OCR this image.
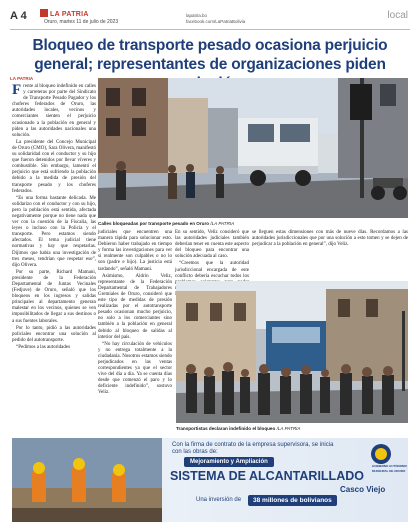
A 4	LA PATRIA
Oruro, martes 11 de julio de 2023
lapatria.bo
facebook.com/LaPatriaBolivia
local
Bloqueo de transporte pesado ocasiona perjuicio general; representantes de organizaciones piden
LA PATRIA

Frente al bloqueo indefinido en calles y carreteras por parte del Sindicato de Transporte Pesado Pagador y los choferes federados de Oruro, las autoridades locales, vecinos y comerciantes sienten el perjuicio ocasionado a la población en general y piden a las autoridades nacionales una solución.

La presidente del Concejo Municipal de Oruro (CMO), Sara Olivera, manifestó su solidaridad con el conductor y su hijo que fueron detenidos por llevar víveres y combustible. Sin embargo, lamentó el perjuicio que está sufriendo la población debido a la medida de presión del transporte pesado y los choferes federados.

“Es una forma bastante delicada. Me solidarizo con el conductor y con su hijo, pero la población está sentida, afectada negativamente porque no tiene nada que ver con la cuestión de la Fiscalía, las leyes o incluso con la Policía y el transporte. Pero estamos siendo afectados. El tema judicial tiene normativas y hay que respetarlas. Dijimos que había una investigación de tres meses, tendrían que respetar eso”, dijo Olivera.

Por su parte, Richard Mamani, presidente de la Federación Departamental de Juntas Vecinales (Fedjuve) de Oruro, señaló que los bloqueos en los ingresos y salidas principales al departamento generan malestar en los vecinos, quienes se ven imposibilitados de llegar a sus destinos o a sus fuentes laborales.

Por lo tanto, pidió a las autoridades policiales encontrar una solución al pedido del autotransporte.

“Pedimos a las autoridades

Calles bloqueadas por transporte pesado en Oruro /LA PATRIA

judiciales que encuentren una manera rápida para solucionar esto. Debieron haber trabajado en tiempo y forma las investigaciones para ver si realmente son culpables o no lo son (padre e hijo). La justicia está tardando”, señaló Mamani.

Asimismo, Aldrin Veliz, representante de la Federación Departamental de Trabajadores Gremiales de Oruro, consideró que este tipo de medidas de presión realizadas por el autotransporte pesado ocasionan mucho perjuicio, no solo a los comerciantes sino también a la población en general debido al bloqueo de salidas al interior del país.

“No hay circulación de vehículos y no entrega totalmente a la ciudadanía. Nosotros estamos siendo perjudicados en las ventas correspondientes ya que el sector vive del día a día. Ya se cuenta días desde que comenzó el paro y lo deficiente indefinido”, sostuvo Veliz.

En su sentido, Veliz consideró que las autoridades judiciales también deberían tener en cuenta este aspecto del bloqueo para encontrar una solución adecuada al caso.

“Creemos que la autoridad jurisdiccional encargada de este conflicto debería escuchar todos los

se lleguen estas dimensiones con más de nueve días. Recordamos a las autoridades jurisdiccionales que por una solución a esto tomen y se dejen de perjudicar a la población en general”, dijo Veliz.

Transportistas declaran indefinido el bloqueo /LA PATRIA
Con la firma de contrato de la empresa supervisora, se inicia con las obras de:
Mejoramiento y Ampliación
SISTEMA DE ALCANTARILLADO
Casco Viejo
Una inversión de	38 millones de bolivianos
GOBIERNO AUTÓNOMO MUNICIPAL DE ORURO
